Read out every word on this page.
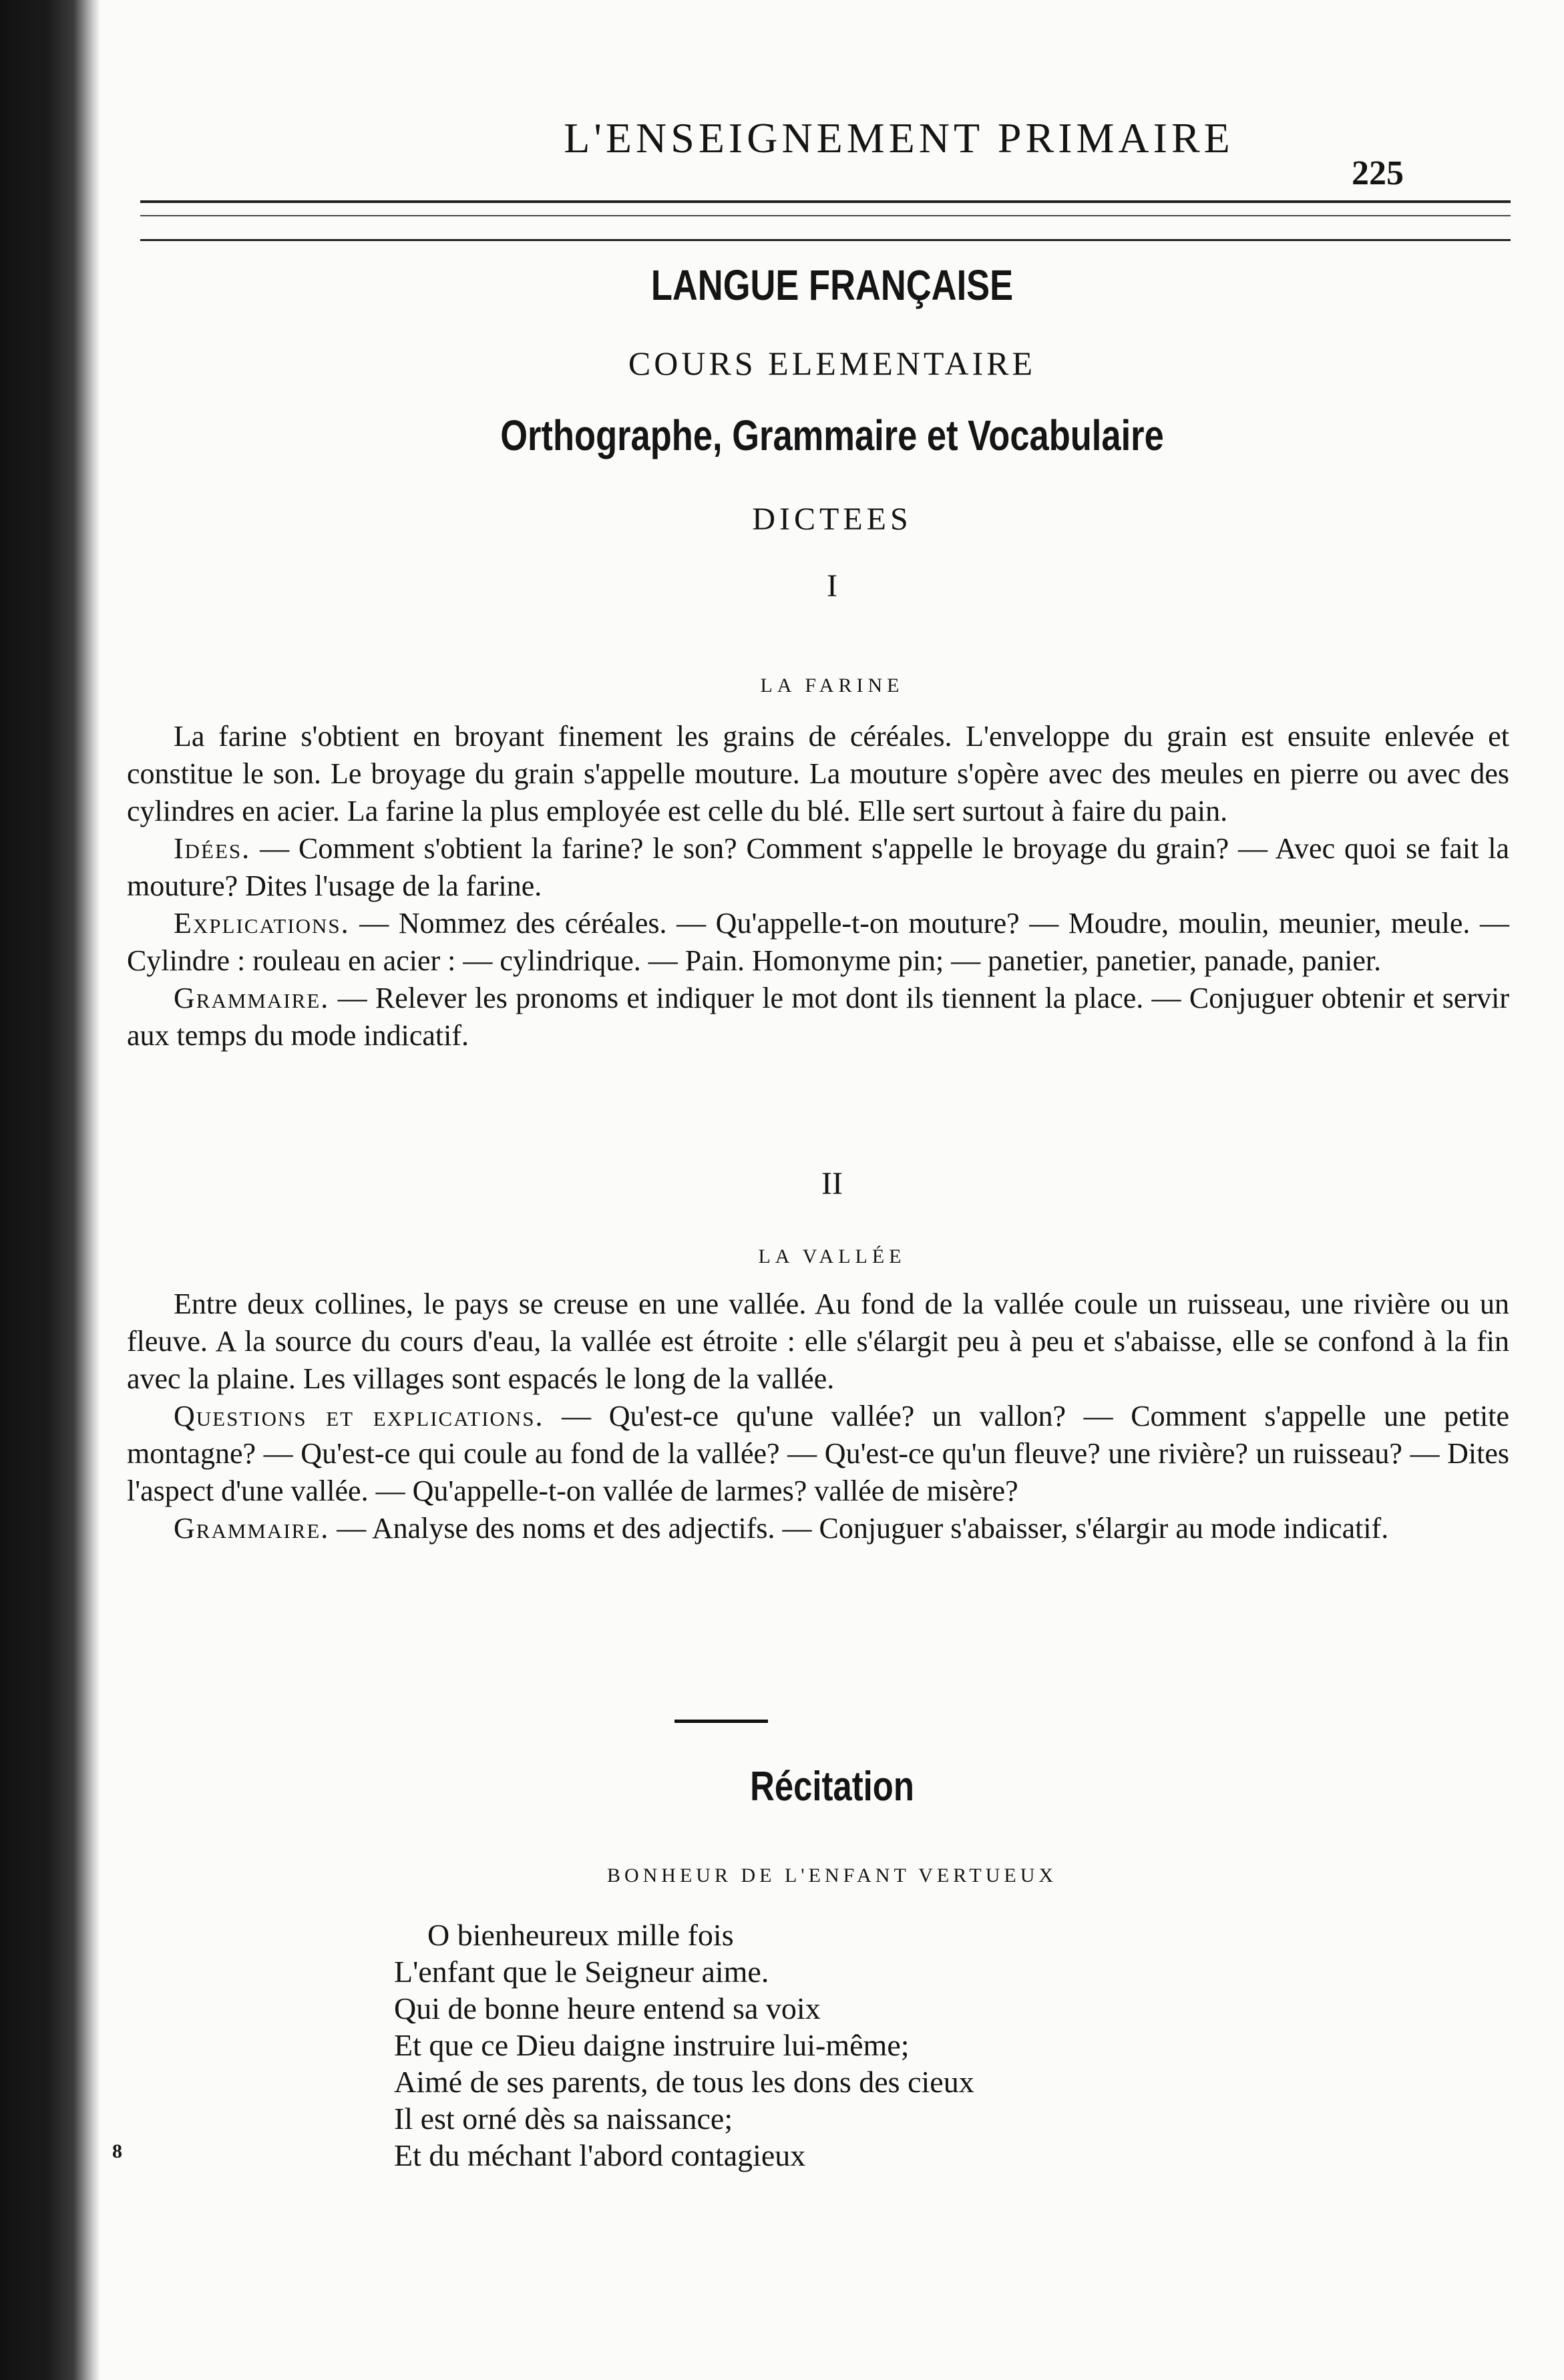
L'ENSEIGNEMENT PRIMAIRE
225
LANGUE FRANÇAISE
COURS ELEMENTAIRE
Orthographe, Grammaire et Vocabulaire
DICTEES
I
LA FARINE

La farine s'obtient en broyant finement les grains de céréales. L'enveloppe du grain est ensuite enlevée et constitue le son. Le broyage du grain s'appelle mouture. La mouture s'opère avec des meules en pierre ou avec des cylindres en acier. La farine la plus employée est celle du blé. Elle sert surtout à faire du pain.

Idées. — Comment s'obtient la farine? le son? Comment s'appelle le broyage du grain? — Avec quoi se fait la mouture? Dites l'usage de la farine.

Explications. — Nommez des céréales. — Qu'appelle-t-on mouture? — Moudre, moulin, meunier, meule. — Cylindre : rouleau en acier : — cylindrique. — Pain. Homonyme pin; — panetier, panetier, panade, panier.

Grammaire. — Relever les pronoms et indiquer le mot dont ils tiennent la place. — Conjuguer obtenir et servir aux temps du mode indicatif.

II
LA VALLÉE

Entre deux collines, le pays se creuse en une vallée. Au fond de la vallée coule un ruisseau, une rivière ou un fleuve. A la source du cours d'eau, la vallée est étroite : elle s'élargit peu à peu et s'abaisse, elle se confond à la fin avec la plaine. Les villages sont espacés le long de la vallée.

Questions et explications. — Qu'est-ce qu'une vallée? un vallon? — Comment s'appelle une petite montagne? — Qu'est-ce qui coule au fond de la vallée? — Qu'est-ce qu'un fleuve? une rivière? un ruisseau? — Dites l'aspect d'une vallée. — Qu'appelle-t-on vallée de larmes? vallée de misère?

Grammaire. — Analyse des noms et des adjectifs. — Conjuguer s'abaisser, s'élargir au mode indicatif.

Récitation
BONHEUR DE L'ENFANT VERTUEUX
O bienheureux mille fois
L'enfant que le Seigneur aime.
Qui de bonne heure entend sa voix
Et que ce Dieu daigne instruire lui-même;
Aimé de ses parents, de tous les dons des cieux
Il est orné dès sa naissance;
Et du méchant l'abord contagieux
8
